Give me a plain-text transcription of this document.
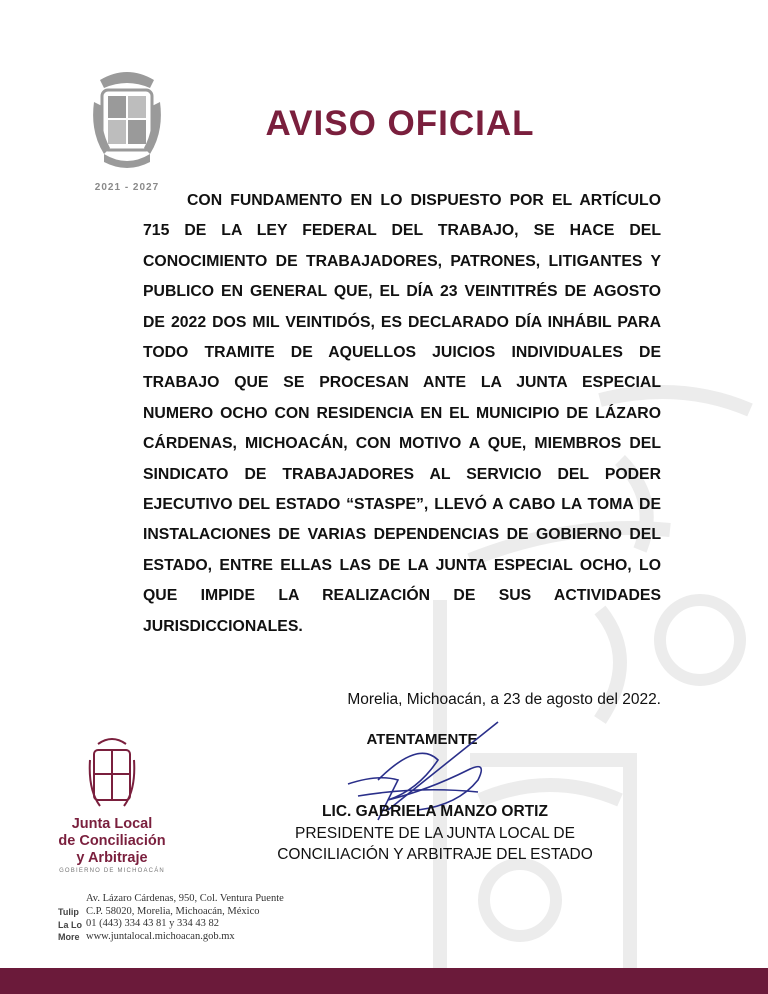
2021 - 2027
AVISO OFICIAL

CON FUNDAMENTO EN LO DISPUESTO POR EL ARTÍCULO 715 DE LA LEY FEDERAL DEL TRABAJO, SE HACE DEL CONOCIMIENTO DE TRABAJADORES, PATRONES, LITIGANTES Y PUBLICO EN GENERAL QUE, EL DÍA 23 VEINTITRÉS DE AGOSTO DE 2022 DOS MIL VEINTIDÓS, ES DECLARADO DÍA INHÁBIL PARA TODO TRAMITE DE AQUELLOS JUICIOS INDIVIDUALES DE TRABAJO QUE SE PROCESAN ANTE LA JUNTA ESPECIAL NUMERO OCHO CON RESIDENCIA EN EL MUNICIPIO DE LÁZARO CÁRDENAS, MICHOACÁN, CON MOTIVO A QUE, MIEMBROS DEL SINDICATO DE TRABAJADORES AL SERVICIO DEL PODER EJECUTIVO DEL ESTADO “STASPE”, LLEVÓ A CABO LA TOMA DE INSTALACIONES DE VARIAS DEPENDENCIAS DE GOBIERNO DEL ESTADO, ENTRE ELLAS LAS DE LA JUNTA ESPECIAL OCHO, LO QUE IMPIDE LA REALIZACIÓN DE SUS ACTIVIDADES JURISDICCIONALES.

Morelia, Michoacán, a 23 de agosto del 2022.
ATENTAMENTE
LIC. GABRIELA MANZO ORTIZ
PRESIDENTE DE LA JUNTA LOCAL DE
CONCILIACIÓN Y ARBITRAJE DEL ESTADO
Junta Local
de Conciliación
y Arbitraje
GOBIERNO DE MICHOACÁN
Tulip
La Lo
More
Av. Lázaro Cárdenas, 950, Col. Ventura Puente
C.P. 58020, Morelia, Michoacán, México
01 (443) 334 43 81 y 334 43 82
www.juntalocal.michoacan.gob.mx
